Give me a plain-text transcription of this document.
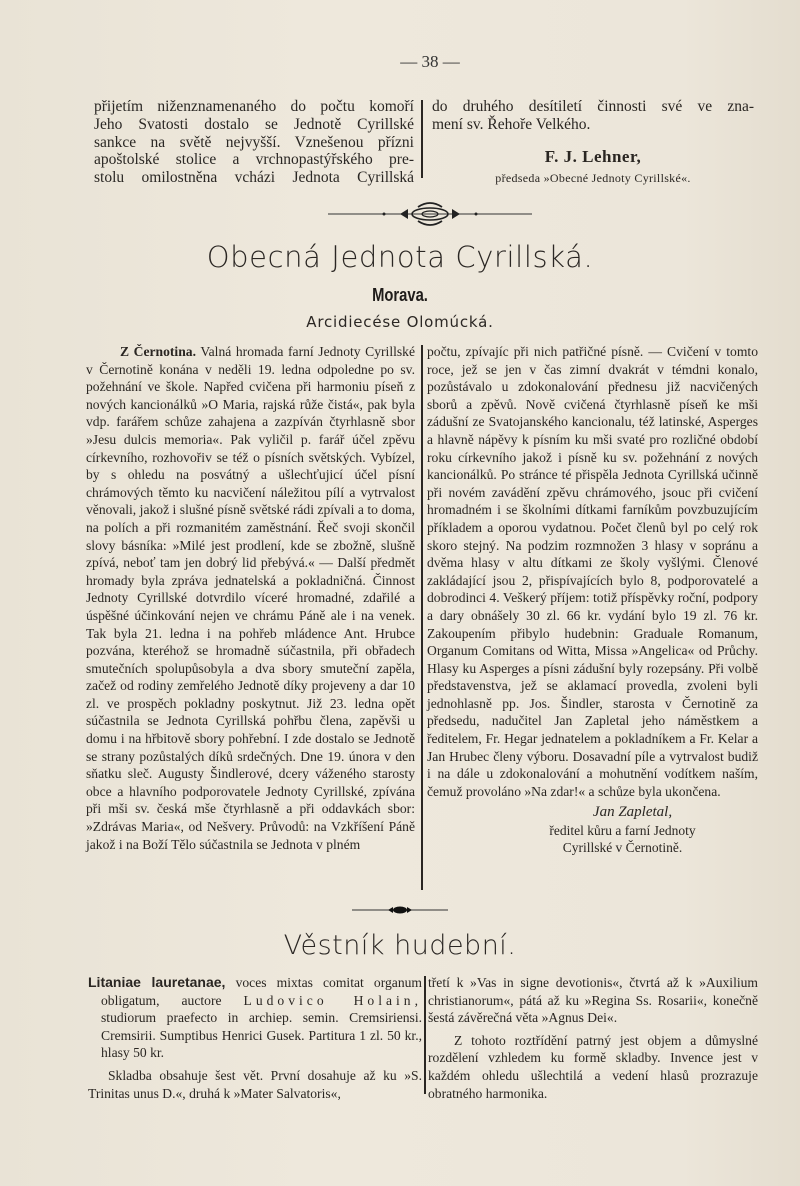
— 38 —

přijetím niženznamenaného do počtu komoří

Jeho Svatosti dostalo se Jednotě Cyrillské

sankce na světě nejvyšší. Vznešenou přízni

apoštolské stolice a vrchnopastýřského pre-

stolu omilostněna vcházi Jednota Cyrillská

do druhého desítiletí činnosti své ve zna-

mení sv. Řehoře Velkého.

F. J. Lehner,
předseda »Obecné Jednoty Cyrillské«.
Obecná Jednota Cyrillská.
Morava.
Arcidiecése Olomúcká.

Z Černotina. Valná hromada farní Jednoty Cyrillské v Černotině konána v neděli 19. ledna odpoledne po sv. požehnání ve škole. Napřed cvičena při harmoniu píseň z nových kancionálků »O Maria, rajská růže čistá«, pak byla vdp. farářem schůze zahajena a zazpíván čtyrhlasně sbor »Jesu dulcis memoria«. Pak vyličil p. farář účel zpěvu církevního, rozhovořiv se též o písních světských. Vybízel, by s ohledu na posvátný a ušlechťujicí účel písní chrámových těmto ku nacvičení náležitou pílí a vytrvalost věnovali, jakož i slušné písně světské rádi zpívali a to doma, na polích a při rozmanitém zaměstnání. Řeč svoji skončil slovy básníka: »Milé jest prodlení, kde se zbožně, slušně zpívá, neboť tam jen dobrý lid přebývá.« — Další předmět hromady byla zpráva jednatelská a pokladničná. Činnost Jednoty Cyrillské dotvrdilo víceré hromadné, zdařilé a úspěšné účinkování nejen ve chrámu Páně ale i na venek. Tak byla 21. ledna i na pohřeb mládence Ant. Hrubce pozvána, kteréhož se hromadně súčastnila, při obřadech smutečních spolupůsobyla a dva sbory smuteční zapěla, začež od rodiny zemřelého Jednotě díky projeveny a dar 10 zl. ve prospěch pokladny poskytnut. Již 23. ledna opět súčastnila se Jednota Cyrillská pohřbu člena, zapěvši u domu i na hřbitově sbory pohřební. I zde dostalo se Jednotě se strany pozůstalých díků srdečných. Dne 19. února v den sňatku sleč. Augusty Šindlerové, dcery váženého starosty obce a hlavního podporovatele Jednoty Cyrillské, zpívána při mši sv. česká mše čtyrhlasně a při oddavkách sbor: »Zdrávas Maria«, od Nešvery. Průvodů: na Vzkříšení Páně jakož i na Boží Tělo súčastnila se Jednota v plném

počtu, zpívajíc při nich patřičné písně. — Cvičení v tomto roce, jež se jen v čas zimní dvakrát v témdni konalo, pozůstávalo u zdokonalování přednesu již nacvičených sborů a zpěvů. Nově cvičená čtyrhlasně píseň ke mši zádušní ze Svatojanského kancionalu, též latinské, Asperges a hlavně nápěvy k písním ku mši svaté pro rozličné období roku církevního jakož i písně ku sv. požehnání z nových kancionálků. Po stránce té přispěla Jednota Cyrillská učinně při novém zavádění zpěvu chrámového, jsouc při cvičení hromadném i se školními dítkami farníkům povzbuzujícím příkladem a oporou vydatnou. Počet členů byl po celý rok skoro stejný. Na podzim rozmnožen 3 hlasy v sopránu a dvěma hlasy v altu dítkami ze školy vyšlými. Členové zakládající jsou 2, přispívajících bylo 8, podporovatelé a dobrodinci 4. Veškerý příjem: totiž příspěvky roční, podpory a dary obnášely 30 zl. 66 kr. vydání bylo 19 zl. 76 kr. Zakoupením přibylo hudebnin: Graduale Romanum, Organum Comitans od Witta, Missa »Angelica« od Průchy. Hlasy ku Asperges a písni zádušní byly rozepsány. Při volbě představenstva, jež se aklamací provedla, zvoleni byli jednohlasně pp. Jos. Šindler, starosta v Černotině za předsedu, nadučitel Jan Zapletal jeho náměstkem a ředitelem, Fr. Hegar jednatelem a pokladníkem a Fr. Kelar a Jan Hrubec členy výboru. Dosavadní píle a vytrvalost budiž i na dále u zdokonalování a mohutnění vodítkem naším, čemuž provoláno »Na zdar!« a schůze byla ukončena.

Jan Zapletal,
ředitel kůru a farní Jednoty
Cyrillské v Černotině.
Věstník hudební.

Litaniae lauretanae, voces mixtas comitat organum obligatum, auctore Ludovico Holain, studiorum praefecto in archiep. semin. Cremsiriensi. Cremsirii. Sumptibus Henrici Gusek. Partitura 1 zl. 50 kr., hlasy 50 kr.

Skladba obsahuje šest vět. První dosahuje až ku »S. Trinitas unus D.«, druhá k »Mater Salvatoris«,

třetí k »Vas in signe devotionis«, čtvrtá až k »Auxilium christianorum«, pátá až ku »Regina Ss. Rosarii«, konečně šestá závěrečná věta »Agnus Dei«.

Z tohoto roztřídění patrný jest objem a důmyslné rozdělení vzhledem ku formě skladby. Invence jest v každém ohledu ušlechtilá a vedení hlasů prozrazuje obratného harmonika.
